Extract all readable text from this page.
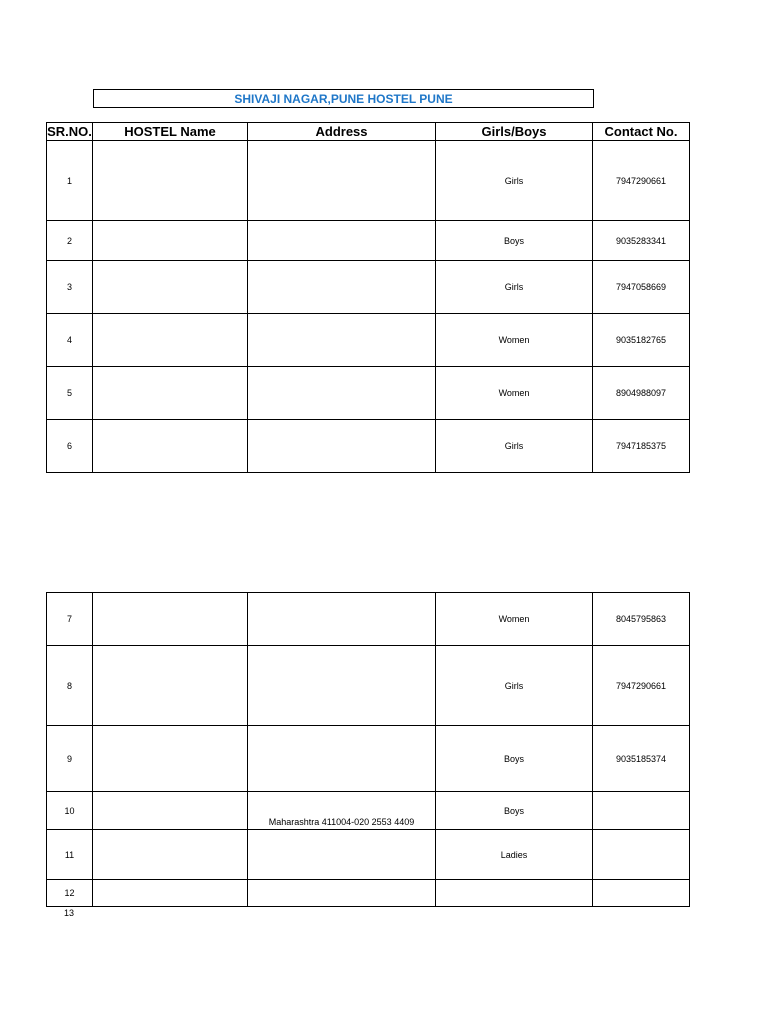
SHIVAJI NAGAR,PUNE HOSTEL PUNE
SR.NO.	HOSTEL Name	Address	Girls/Boys	Contact No.
1			Girls	7947290661
2			Boys	9035283341
3			Girls	7947058669
4			Women	9035182765
5			Women	8904988097
6			Girls	7947185375
7			Women	8045795863
8			Girls	7947290661
9			Boys	9035185374
10		Maharashtra 411004-020 2553 4409	Boys	
11			Ladies	
12				
13
